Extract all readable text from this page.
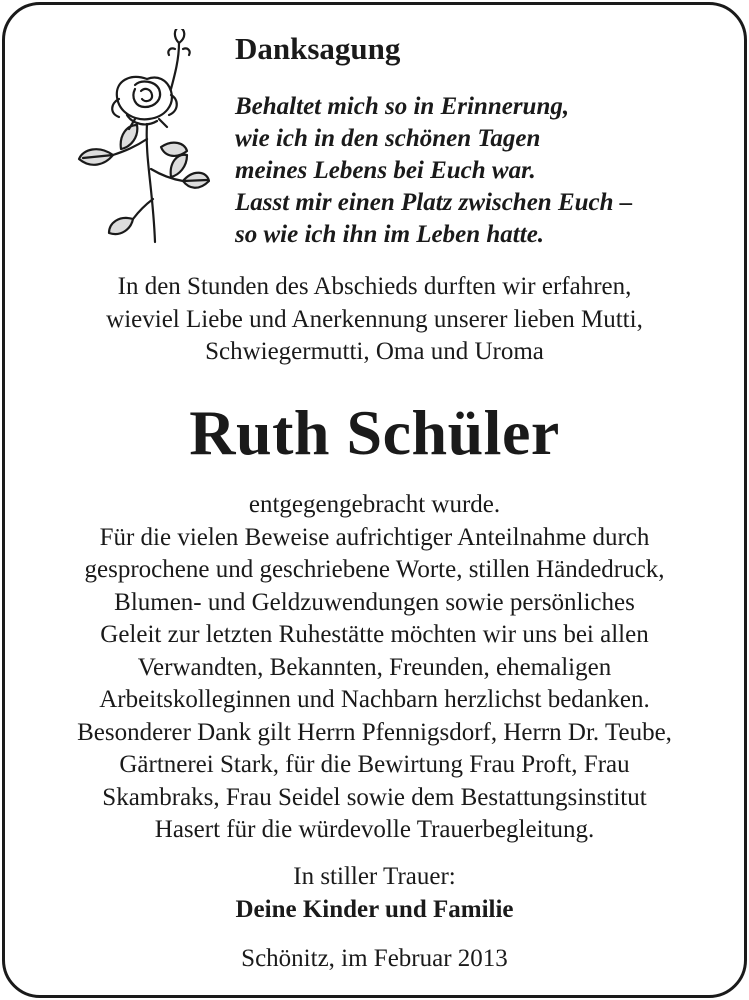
Danksagung
Behaltet mich so in Erinnerung,
wie ich in den schönen Tagen
meines Lebens bei Euch war.
Lasst mir einen Platz zwischen Euch –
so wie ich ihn im Leben hatte.
In den Stunden des Abschieds durften wir erfahren,
wieviel Liebe und Anerkennung unserer lieben Mutti,
Schwiegermutti, Oma und Uroma
Ruth Schüler
entgegengebracht wurde.
Für die vielen Beweise aufrichtiger Anteilnahme durch
gesprochene und geschriebene Worte, stillen Händedruck,
Blumen- und Geldzuwendungen sowie persönliches
Geleit zur letzten Ruhestätte möchten wir uns bei allen
Verwandten, Bekannten, Freunden, ehemaligen
Arbeitskolleginnen und Nachbarn herzlichst bedanken.
Besonderer Dank gilt Herrn Pfennigsdorf, Herrn Dr. Teube,
Gärtnerei Stark, für die Bewirtung Frau Proft, Frau
Skambraks, Frau Seidel sowie dem Bestattungsinstitut
Hasert für die würdevolle Trauerbegleitung.
In stiller Trauer:
Deine Kinder und Familie
Schönitz, im Februar 2013
